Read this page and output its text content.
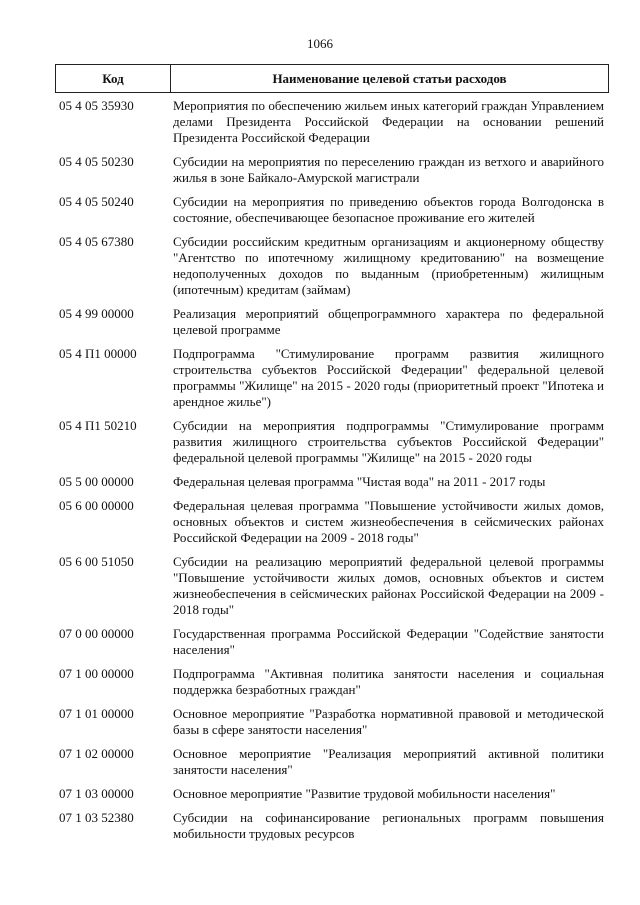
1066
Код	Наименование целевой статьи расходов
05 4 05 35930	Мероприятия по обеспечению жильем иных категорий граждан Управлением делами Президента Российской Федерации на основании решений Президента Российской Федерации
05 4 05 50230	Субсидии на мероприятия по переселению граждан из ветхого и аварийного жилья в зоне Байкало-Амурской магистрали
05 4 05 50240	Субсидии на мероприятия по приведению объектов города Волгодонска в состояние, обеспечивающее безопасное проживание его жителей
05 4 05 67380	Субсидии российским кредитным организациям и акционерному обществу "Агентство по ипотечному жилищному кредитованию" на возмещение недополученных доходов по выданным (приобретенным) жилищным (ипотечным) кредитам (займам)
05 4 99 00000	Реализация мероприятий общепрограммного характера по федеральной целевой программе
05 4 П1 00000	Подпрограмма "Стимулирование программ развития жилищного строительства субъектов Российской Федерации" федеральной целевой программы "Жилище" на 2015 - 2020 годы (приоритетный проект "Ипотека и арендное жилье")
05 4 П1 50210	Субсидии на мероприятия подпрограммы "Стимулирование программ развития жилищного строительства субъектов Российской Федерации" федеральной целевой программы "Жилище" на 2015 - 2020 годы
05 5 00 00000	Федеральная целевая программа "Чистая вода" на 2011 - 2017 годы
05 6 00 00000	Федеральная целевая программа "Повышение устойчивости жилых домов, основных объектов и систем жизнеобеспечения в сейсмических районах Российской Федерации на 2009 - 2018 годы"
05 6 00 51050	Субсидии на реализацию мероприятий федеральной целевой программы "Повышение устойчивости жилых домов, основных объектов и систем жизнеобеспечения в сейсмических районах Российской Федерации на 2009 - 2018 годы"
07 0 00 00000	Государственная программа Российской Федерации "Содействие занятости населения"
07 1 00 00000	Подпрограмма "Активная политика занятости населения и социальная поддержка безработных граждан"
07 1 01 00000	Основное мероприятие "Разработка нормативной правовой и методической базы в сфере занятости населения"
07 1 02 00000	Основное мероприятие "Реализация мероприятий активной политики занятости населения"
07 1 03 00000	Основное мероприятие "Развитие трудовой мобильности населения"
07 1 03 52380	Субсидии на софинансирование региональных программ повышения мобильности трудовых ресурсов
